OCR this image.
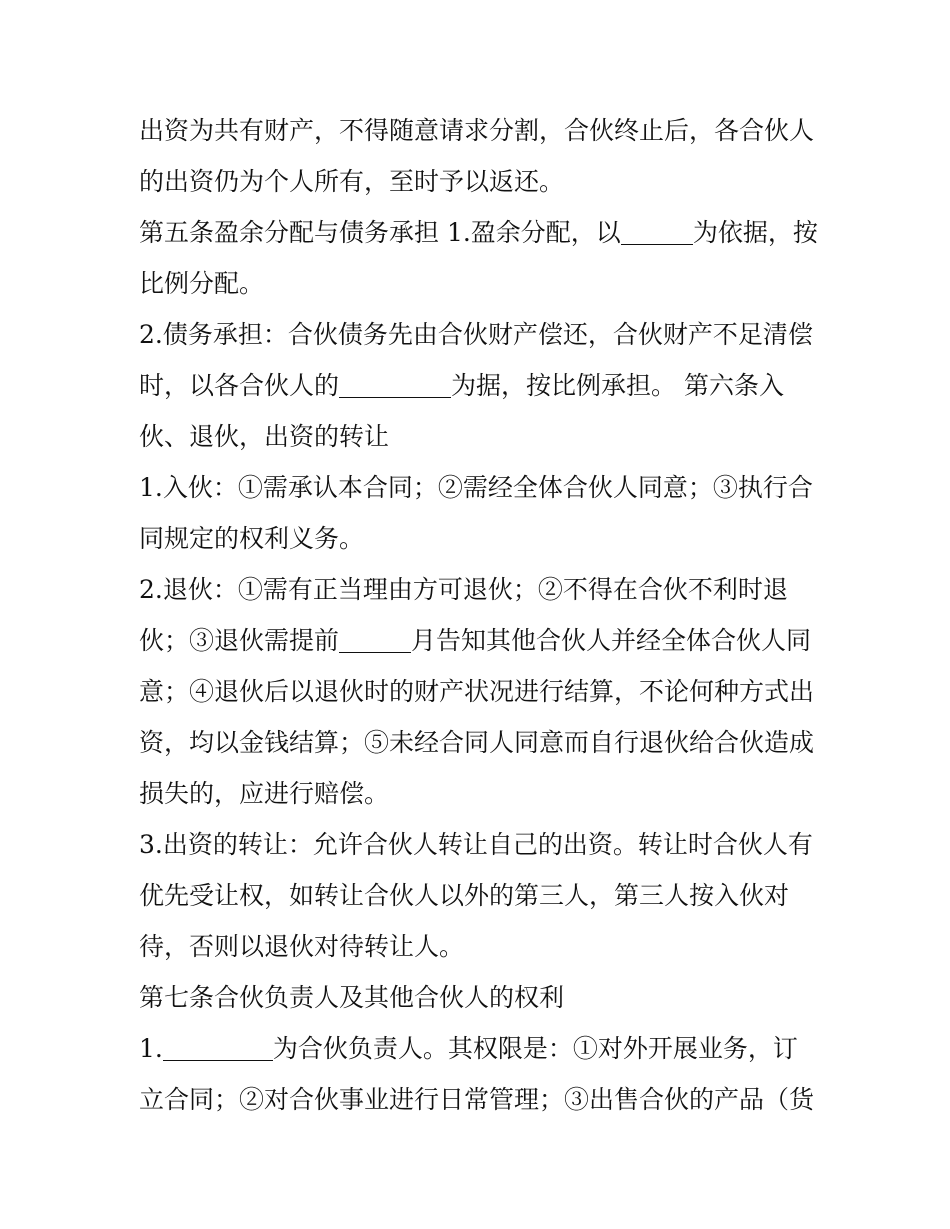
出资为共有财产，不得随意请求分割，合伙终止后，各合伙人
的出资仍为个人所有，至时予以返还。
第五条盈余分配与债务承担 1.盈余分配，以	为依据，按
比例分配。
2.债务承担：合伙债务先由合伙财产偿还，合伙财产不足清偿
时，以各合伙人的	为据，按比例承担。 第六条入
伙、退伙，出资的转让
1.入伙：①需承认本合同；②需经全体合伙人同意；③执行合
同规定的权利义务。
2.退伙：①需有正当理由方可退伙；②不得在合伙不利时退
伙；③退伙需提前	月告知其他合伙人并经全体合伙人同
意；④退伙后以退伙时的财产状况进行结算，不论何种方式出
资，均以金钱结算；⑤未经合同人同意而自行退伙给合伙造成
损失的，应进行赔偿。
3.出资的转让：允许合伙人转让自己的出资。转让时合伙人有
优先受让权，如转让合伙人以外的第三人，第三人按入伙对
待，否则以退伙对待转让人。
第七条合伙负责人及其他合伙人的权利
1.	为合伙负责人。其权限是：①对外开展业务，订
立合同；②对合伙事业进行日常管理；③出售合伙的产品（货
